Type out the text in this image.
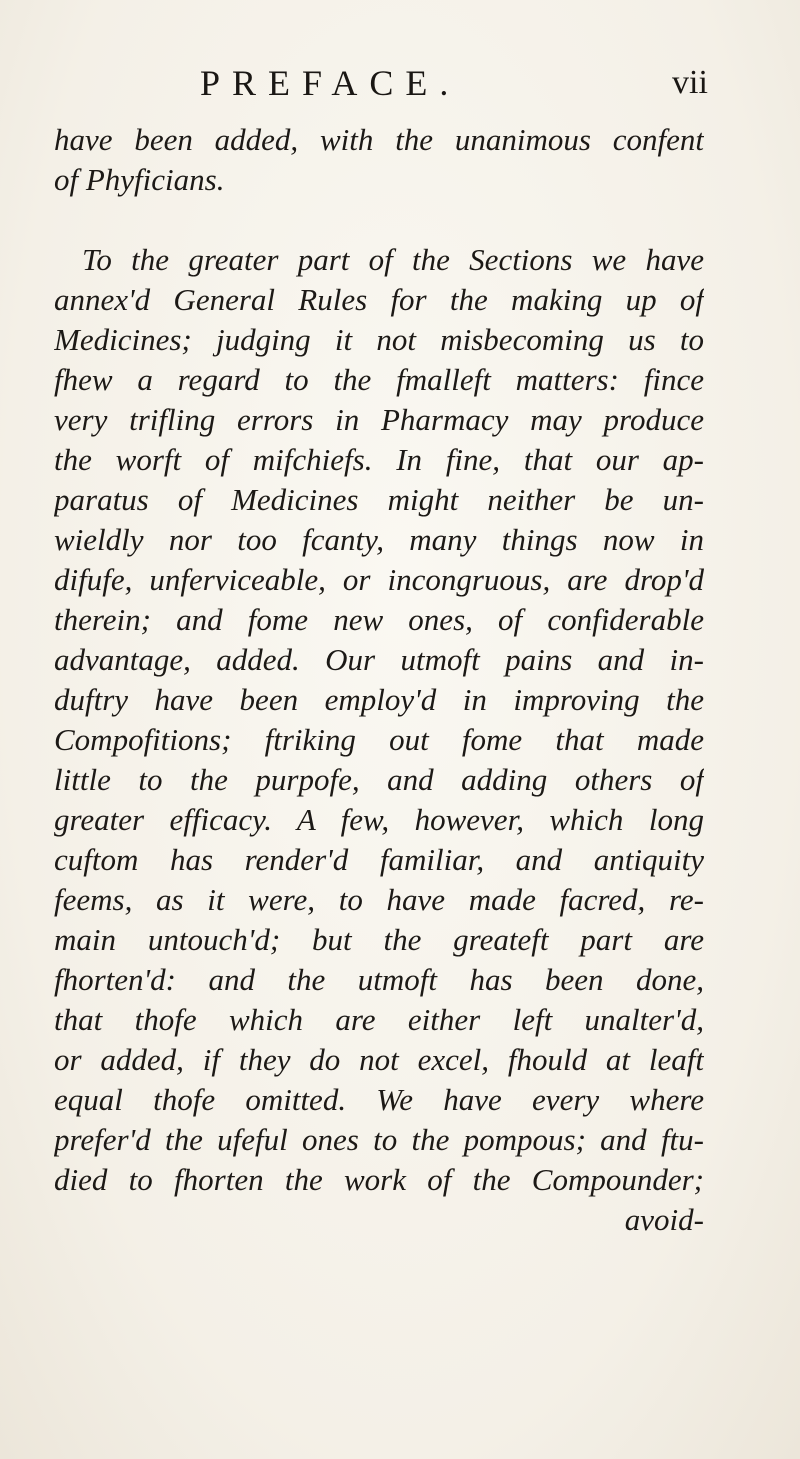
PREFACE.	vii
have been added, with the unanimous confent
of Phyficians.
To the greater part of the Sections we have
annex'd General Rules for the making up of
Medicines; judging it not misbecoming us to
fhew a regard to the fmalleft matters: fince
very trifling errors in Pharmacy may produce
the worft of mifchiefs. In fine, that our ap-
paratus of Medicines might neither be un-
wieldly nor too fcanty, many things now in
difufe, unferviceable, or incongruous, are drop'd
therein; and fome new ones, of confiderable
advantage, added. Our utmoft pains and in-
duftry have been employ'd in improving the
Compofitions; ftriking out fome that made
little to the purpofe, and adding others of
greater efficacy. A few, however, which long
cuftom has render'd familiar, and antiquity
feems, as it were, to have made facred, re-
main untouch'd; but the greateft part are
fhorten'd: and the utmoft has been done,
that thofe which are either left unalter'd,
or added, if they do not excel, fhould at leaft
equal thofe omitted. We have every where
prefer'd the ufeful ones to the pompous; and ftu-
died to fhorten the work of the Compounder;
avoid-
